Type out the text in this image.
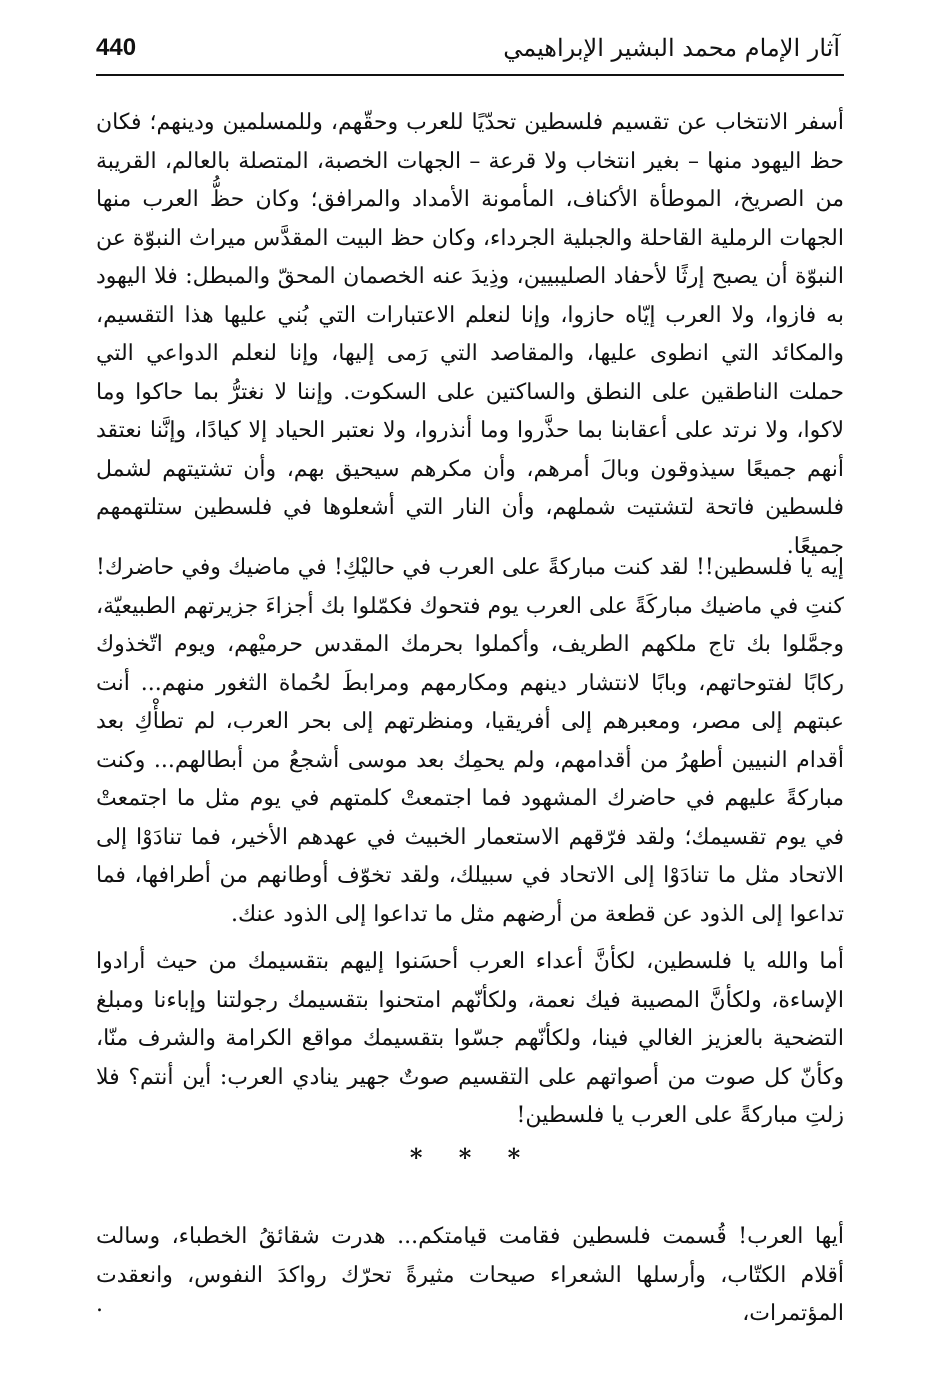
440	آثار الإمام محمد البشير الإبراهيمي

أسفر الانتخاب عن تقسيم فلسطين تحدّيًا للعرب وحقّهم، وللمسلمين ودينهم؛ فكان حظ اليهود منها – بغير انتخاب ولا قرعة – الجهات الخصبة، المتصلة بالعالم، القريبة من الصريخ، الموطأة الأكناف، المأمونة الأمداد والمرافق؛ وكان حظُّ العرب منها الجهات الرملية القاحلة والجبلية الجرداء، وكان حظ البيت المقدَّس ميراث النبوّة عن النبوّة أن يصبح إرثًا لأحفاد الصليبيين، وذِيدَ عنه الخصمان المحقّ والمبطل: فلا اليهود به فازوا، ولا العرب إيّاه حازوا، وإنا لنعلم الاعتبارات التي بُني عليها هذا التقسيم، والمكائد التي انطوى عليها، والمقاصد التي رَمى إليها، وإنا لنعلم الدواعي التي حملت الناطقين على النطق والساكتين على السكوت. وإننا لا نغترُّ بما حاكوا وما لاكوا، ولا نرتد على أعقابنا بما حذَّروا وما أنذروا، ولا نعتبر الحياد إلا كيادًا، وإنَّنا نعتقد أنهم جميعًا سيذوقون وبالَ أمرهم، وأن مكرهم سيحيق بهم، وأن تشتيتهم لشمل فلسطين فاتحة لتشتيت شملهم، وأن النار التي أشعلوها في فلسطين ستلتهمهم جميعًا.

إيه يا فلسطين!! لقد كنت مباركةً على العرب في حاليْكِ! في ماضيك وفي حاضرك! كنتِ في ماضيك مباركَةً على العرب يوم فتحوك فكمّلوا بك أجزاءَ جزيرتهم الطبيعيّة، وجمَّلوا بك تاج ملكهم الطريف، وأكملوا بحرمك المقدس حرميْهم، ويوم اتّخذوك ركابًا لفتوحاتهم، وبابًا لانتشار دينهم ومكارمهم ومرابطَ لحُماة الثغور منهم... أنت عبتهم إلى مصر، ومعبرهم إلى أفريقيا، ومنظرتهم إلى بحر العرب، لم تطأْكِ بعد أقدام النبيين أطهرُ من أقدامهم، ولم يحمِك بعد موسى أشجعُ من أبطالهم... وكنت مباركةً عليهم في حاضرك المشهود فما اجتمعتْ كلمتهم في يوم مثل ما اجتمعتْ في يوم تقسيمك؛ ولقد فرّقهم الاستعمار الخبيث في عهدهم الأخير، فما تنادَوْا إلى الاتحاد مثل ما تنادَوْا إلى الاتحاد في سبيلك، ولقد تخوّف أوطانهم من أطرافها، فما تداعوا إلى الذود عن قطعة من أرضهم مثل ما تداعوا إلى الذود عنك.

أما والله يا فلسطين، لكأنَّ أعداء العرب أحسَنوا إليهم بتقسيمك من حيث أرادوا الإساءة، ولكأنَّ المصيبة فيك نعمة، ولكأنّهم امتحنوا بتقسيمك رجولتنا وإباءنا ومبلغ التضحية بالعزيز الغالي فينا، ولكأنّهم جسّوا بتقسيمك مواقع الكرامة والشرف منّا، وكأنّ كل صوت من أصواتهم على التقسيم صوتٌ جهير ينادي العرب: أين أنتم؟ فلا زلتِ مباركةً على العرب يا فلسطين!

* * *

أيها العرب! قُسمت فلسطين فقامت قيامتكم... هدرت شقائقُ الخطباء، وسالت أقلام الكتّاب، وأرسلها الشعراء صيحات مثيرةً تحرّك رواكدَ النفوس، وانعقدت المؤتمرات،

.
